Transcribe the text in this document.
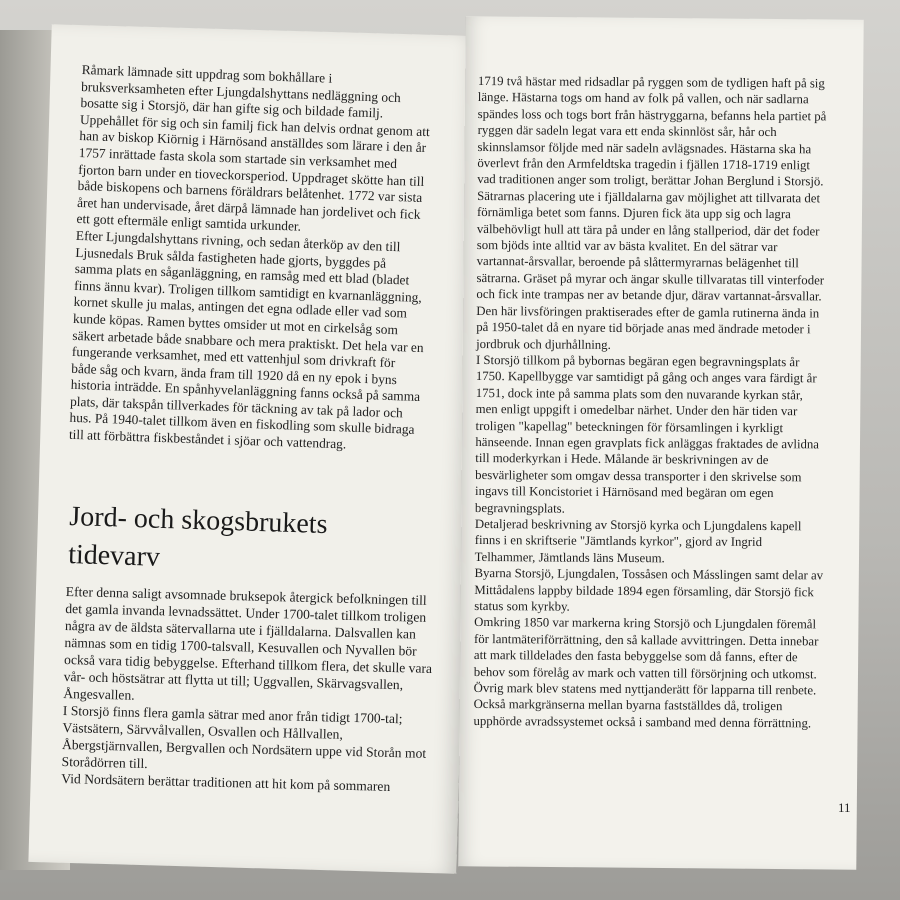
Råmark lämnade sitt uppdrag som bokhållare i bruksverksamheten efter Ljungdalshyttans nedläggning och bosatte sig i Storsjö, där han gifte sig och bildade familj. Uppehållet för sig och sin familj fick han delvis ordnat genom att han av biskop Kiörnig i Härnösand anställdes som lärare i den år 1757 inrättade fasta skola som startade sin verksamhet med fjorton barn under en tioveckorsperiod. Uppdraget skötte han till både biskopens och barnens föräldrars belåtenhet. 1772 var sista året han undervisade, året därpå lämnade han jordelivet och fick ett gott eftermäle enligt samtida urkunder.

Efter Ljungdalshyttans rivning, och sedan återköp av den till Ljusnedals Bruk sålda fastigheten hade gjorts, byggdes på samma plats en såganläggning, en ramsåg med ett blad (bladet finns ännu kvar). Troligen tillkom samtidigt en kvarnanläggning, kornet skulle ju malas, antingen det egna odlade eller vad som kunde köpas. Ramen byttes omsider ut mot en cirkelsåg som säkert arbetade både snabbare och mera praktiskt. Det hela var en fungerande verksamhet, med ett vattenhjul som drivkraft för både såg och kvarn, ända fram till 1920 då en ny epok i byns historia inträdde. En spånhyvelanläggning fanns också på samma plats, där takspån tillverkades för täckning av tak på lador och hus. På 1940-talet tillkom även en fiskodling som skulle bidraga till att förbättra fiskbeståndet i sjöar och vattendrag.

Jord- och skogsbrukets
tidevarv

Efter denna saligt avsomnade bruksepok återgick befolkningen till det gamla invanda levnadssättet. Under 1700-talet tillkom troligen några av de äldsta sätervallarna ute i fjälldalarna. Dalsvallen kan nämnas som en tidig 1700-talsvall, Kesuvallen och Nyvallen bör också vara tidig bebyggelse. Efterhand tillkom flera, det skulle vara vår- och höstsätrar att flytta ut till; Uggvallen, Skärvagsvallen, Ångesvallen.

I Storsjö finns flera gamla sätrar med anor från tidigt 1700-tal; Västsätern, Särvvålvallen, Osvallen och Hållvallen, Åbergstjärnvallen, Bergvallen och Nordsätern uppe vid Storån mot Storådörren till.

Vid Nordsätern berättar traditionen att hit kom på sommaren

1719 två hästar med ridsadlar på ryggen som de tydligen haft på sig länge. Hästarna togs om hand av folk på vallen, och när sadlarna spändes loss och togs bort från hästryggarna, befanns hela partiet på ryggen där sadeln legat vara ett enda skinnlöst sår, hår och skinnslamsor följde med när sadeln avlägsnades. Hästarna ska ha överlevt från den Armfeldtska tragedin i fjällen 1718-1719 enligt vad traditionen anger som troligt, berättar Johan Berglund i Storsjö.

Sätrarnas placering ute i fjälldalarna gav möjlighet att tillvarata det förnämliga betet som fanns. Djuren fick äta upp sig och lagra välbehövligt hull att tära på under en lång stallperiod, där det foder som bjöds inte alltid var av bästa kvalitet. En del sätrar var vartannat-årsvallar, beroende på slåttermyrarnas belägenhet till sätrarna. Gräset på myrar och ängar skulle tillvaratas till vinterfoder och fick inte trampas ner av betande djur, därav vartannat-årsvallar. Den här livsföringen praktiserades efter de gamla rutinerna ända in på 1950-talet då en nyare tid började anas med ändrade metoder i jordbruk och djurhållning.

I Storsjö tillkom på bybornas begäran egen begravningsplats år 1750. Kapellbygge var samtidigt på gång och anges vara färdigt år 1751, dock inte på samma plats som den nuvarande kyrkan står, men enligt uppgift i omedelbar närhet. Under den här tiden var troligen "kapellag" beteckningen för församlingen i kyrkligt hänseende. Innan egen gravplats fick anläggas fraktades de avlidna till moderkyrkan i Hede. Målande är beskrivningen av de besvärligheter som omgav dessa transporter i den skrivelse som ingavs till Koncistoriet i Härnösand med begäran om egen begravningsplats.

Detaljerad beskrivning av Storsjö kyrka och Ljungdalens kapell finns i en skriftserie "Jämtlands kyrkor", gjord av Ingrid Telhammer, Jämtlands läns Museum.

Byarna Storsjö, Ljungdalen, Tossåsen och Másslingen samt delar av Mittådalens lappby bildade 1894 egen församling, där Storsjö fick status som kyrkby.

Omkring 1850 var markerna kring Storsjö och Ljungdalen föremål för lantmäteriförrättning, den så kallade avvittringen. Detta innebar att mark tilldelades den fasta bebyggelse som då fanns, efter de behov som förelåg av mark och vatten till försörjning och utkomst. Övrig mark blev statens med nyttjanderätt för lapparna till renbete. Också markgränserna mellan byarna fastställdes då, troligen upphörde avradssystemet också i samband med denna förrättning.

11
